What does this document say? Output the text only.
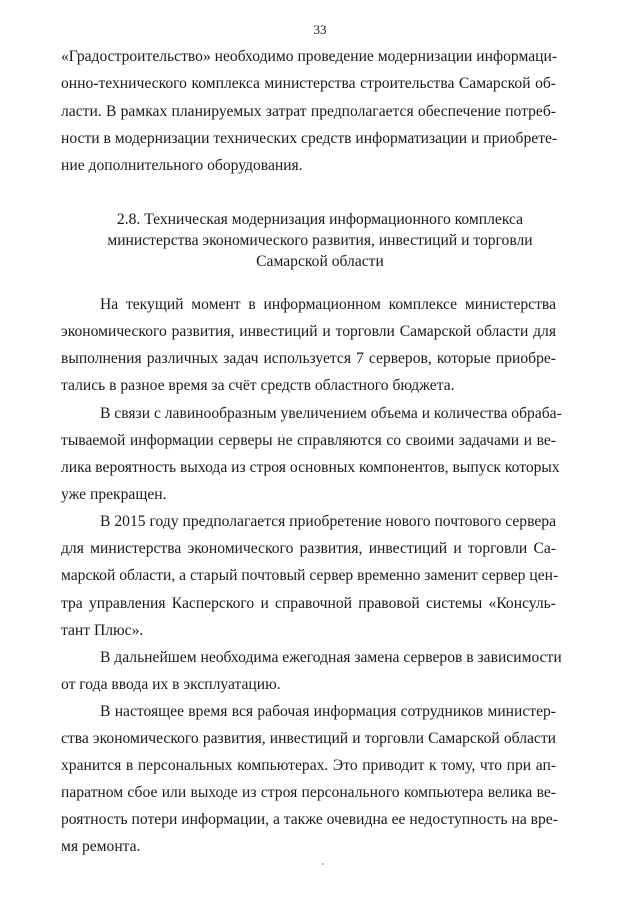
33
«Градостроительство» необходимо проведение модернизации информаци-
онно-технического комплекса министерства строительства Самарской об-
ласти. В рамках планируемых затрат предполагается обеспечение потреб-
ности в модернизации технических средств информатизации и приобрете-
ние дополнительного оборудования.
2.8. Техническая модернизация информационного комплекса
министерства экономического развития, инвестиций и торговли
Самарской области
На текущий момент в информационном комплексе министерства
экономического развития, инвестиций и торговли Самарской области для
выполнения различных задач используется 7 серверов, которые приобре-
тались в разное время за счёт средств областного бюджета.
В связи с лавинообразным увеличением объема и количества обраба-
тываемой информации серверы не справляются со своими задачами и ве-
лика вероятность выхода из строя основных компонентов, выпуск которых
уже прекращен.
В 2015 году предполагается приобретение нового почтового сервера
для министерства экономического развития, инвестиций и торговли Са-
марской области, а старый почтовый сервер временно заменит сервер цен-
тра управления Касперского и справочной правовой системы «Консуль-
тант Плюс».
В дальнейшем необходима ежегодная замена серверов в зависимости
от года ввода их в эксплуатацию.
В настоящее время вся рабочая информация сотрудников министер-
ства экономического развития, инвестиций и торговли Самарской области
хранится в персональных компьютерах. Это приводит к тому, что при ап-
паратном сбое или выходе из строя персонального компьютера велика ве-
роятность потери информации, а также очевидна ее недоступность на вре-
мя ремонта.
